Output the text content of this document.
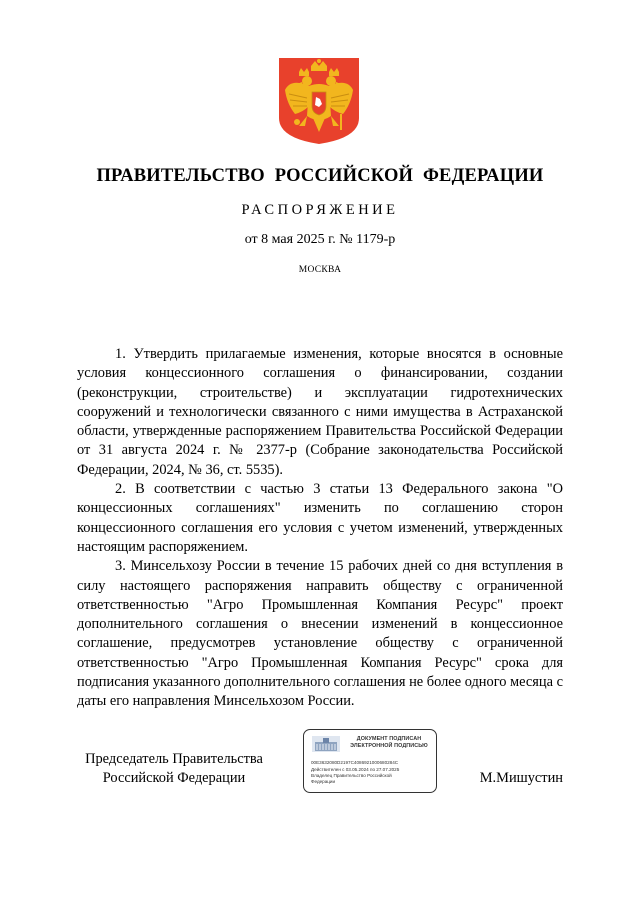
ПРАВИТЕЛЬСТВО РОССИЙСКОЙ ФЕДЕРАЦИИ
РАСПОРЯЖЕНИЕ
от 8 мая 2025 г. № 1179-р
МОСКВА

1. Утвердить прилагаемые изменения, которые вносятся в основные условия концессионного соглашения о финансировании, создании (реконструкции, строительстве) и эксплуатации гидротехнических сооружений и технологически связанного с ними имущества в Астраханской области, утвержденные распоряжением Правительства Российской Федерации от 31 августа 2024 г. № 2377-р (Собрание законодательства Российской Федерации, 2024, № 36, ст. 5535).

2. В соответствии с частью 3 статьи 13 Федерального закона "О концессионных соглашениях" изменить по соглашению сторон концессионного соглашения его условия с учетом изменений, утвержденных настоящим распоряжением.

3. Минсельхозу России в течение 15 рабочих дней со дня вступления в силу настоящего распоряжения направить обществу с ограниченной ответственностью "Агро Промышленная Компания Ресурс" проект дополнительного соглашения о внесении изменений в концессионное соглашение, предусмотрев установление обществу с ограниченной ответственностью "Агро Промышленная Компания Ресурс" срока для подписания указанного дополнительного соглашения не более одного месяца с даты его направления Минсельхозом России.

Председатель Правительства
Российской Федерации
ДОКУМЕНТ ПОДПИСАН
ЭЛЕКТРОННОЙ ПОДПИСЬЮ
00E3632080D2197C4086921000680284C
Действителен с 03.05.2024 по 27.07.2025
Владелец Правительство Российской
Федерации	М.Мишустин
